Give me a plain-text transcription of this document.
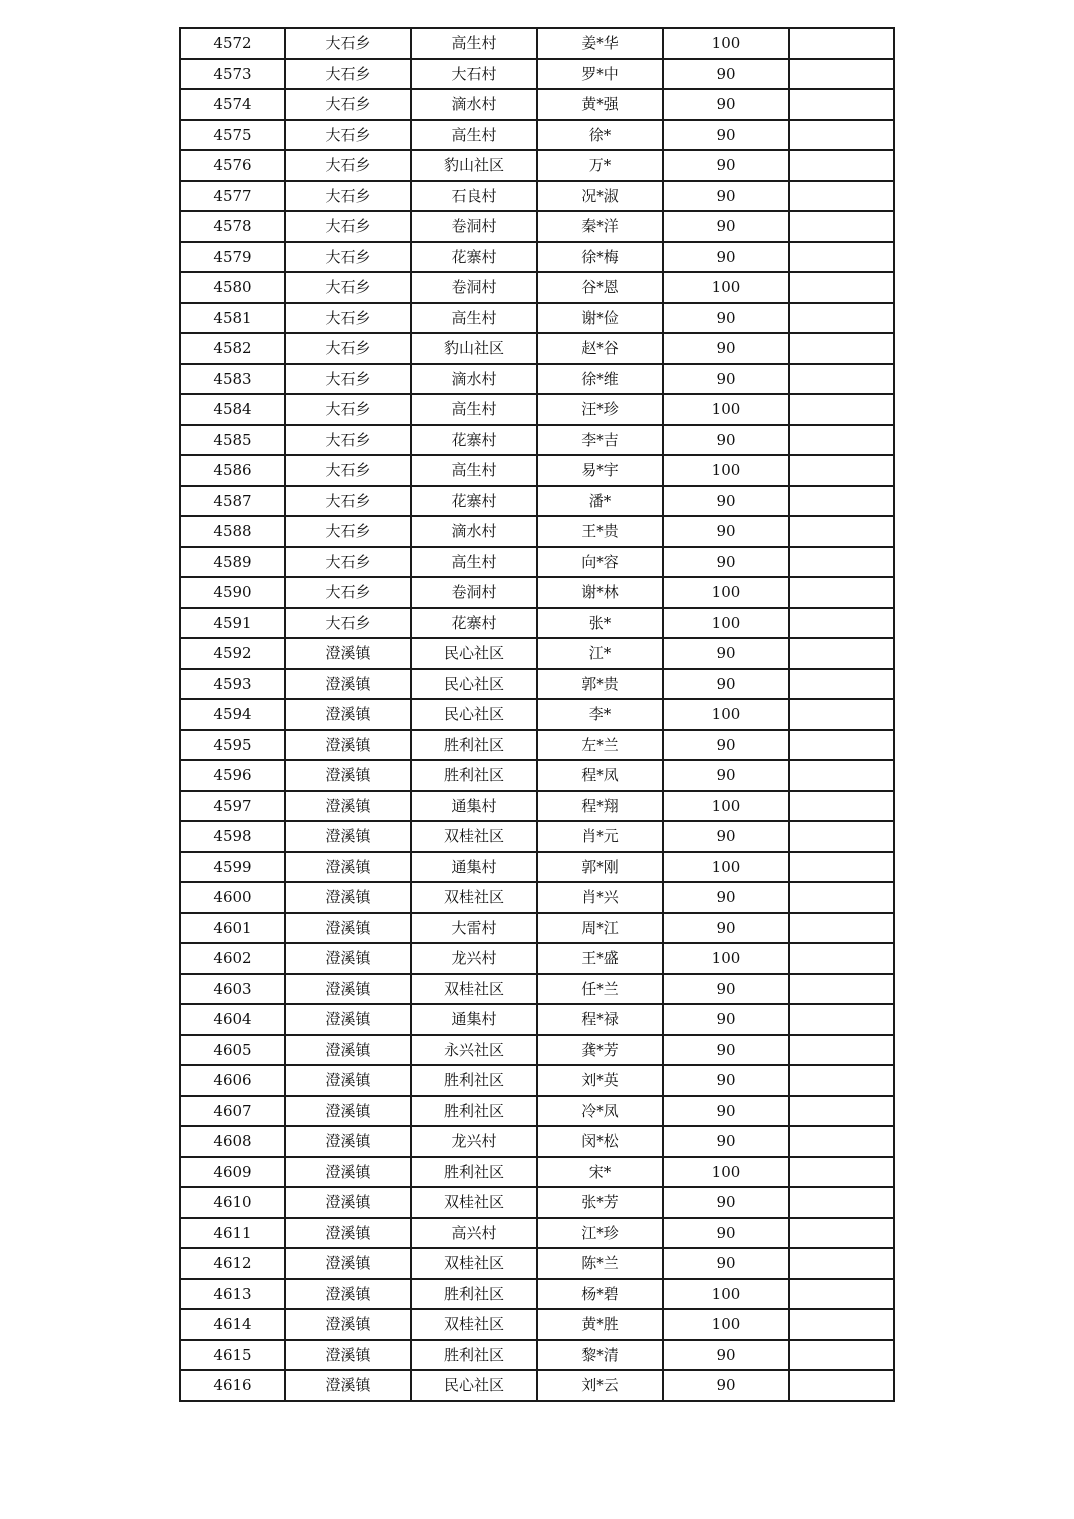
4572	大石乡	高生村	姜*华	100	
4573	大石乡	大石村	罗*中	90	
4574	大石乡	滴水村	黄*强	90	
4575	大石乡	高生村	徐*	90	
4576	大石乡	豹山社区	万*	90	
4577	大石乡	石良村	况*淑	90	
4578	大石乡	卷洞村	秦*洋	90	
4579	大石乡	花寨村	徐*梅	90	
4580	大石乡	卷洞村	谷*恩	100	
4581	大石乡	高生村	谢*俭	90	
4582	大石乡	豹山社区	赵*谷	90	
4583	大石乡	滴水村	徐*维	90	
4584	大石乡	高生村	汪*珍	100	
4585	大石乡	花寨村	李*吉	90	
4586	大石乡	高生村	易*宇	100	
4587	大石乡	花寨村	潘*	90	
4588	大石乡	滴水村	王*贵	90	
4589	大石乡	高生村	向*容	90	
4590	大石乡	卷洞村	谢*林	100	
4591	大石乡	花寨村	张*	100	
4592	澄溪镇	民心社区	江*	90	
4593	澄溪镇	民心社区	郭*贵	90	
4594	澄溪镇	民心社区	李*	100	
4595	澄溪镇	胜利社区	左*兰	90	
4596	澄溪镇	胜利社区	程*凤	90	
4597	澄溪镇	通集村	程*翔	100	
4598	澄溪镇	双桂社区	肖*元	90	
4599	澄溪镇	通集村	郭*刚	100	
4600	澄溪镇	双桂社区	肖*兴	90	
4601	澄溪镇	大雷村	周*江	90	
4602	澄溪镇	龙兴村	王*盛	100	
4603	澄溪镇	双桂社区	任*兰	90	
4604	澄溪镇	通集村	程*禄	90	
4605	澄溪镇	永兴社区	龚*芳	90	
4606	澄溪镇	胜利社区	刘*英	90	
4607	澄溪镇	胜利社区	冷*凤	90	
4608	澄溪镇	龙兴村	闵*松	90	
4609	澄溪镇	胜利社区	宋*	100	
4610	澄溪镇	双桂社区	张*芳	90	
4611	澄溪镇	高兴村	江*珍	90	
4612	澄溪镇	双桂社区	陈*兰	90	
4613	澄溪镇	胜利社区	杨*碧	100	
4614	澄溪镇	双桂社区	黄*胜	100	
4615	澄溪镇	胜利社区	黎*清	90	
4616	澄溪镇	民心社区	刘*云	90	
